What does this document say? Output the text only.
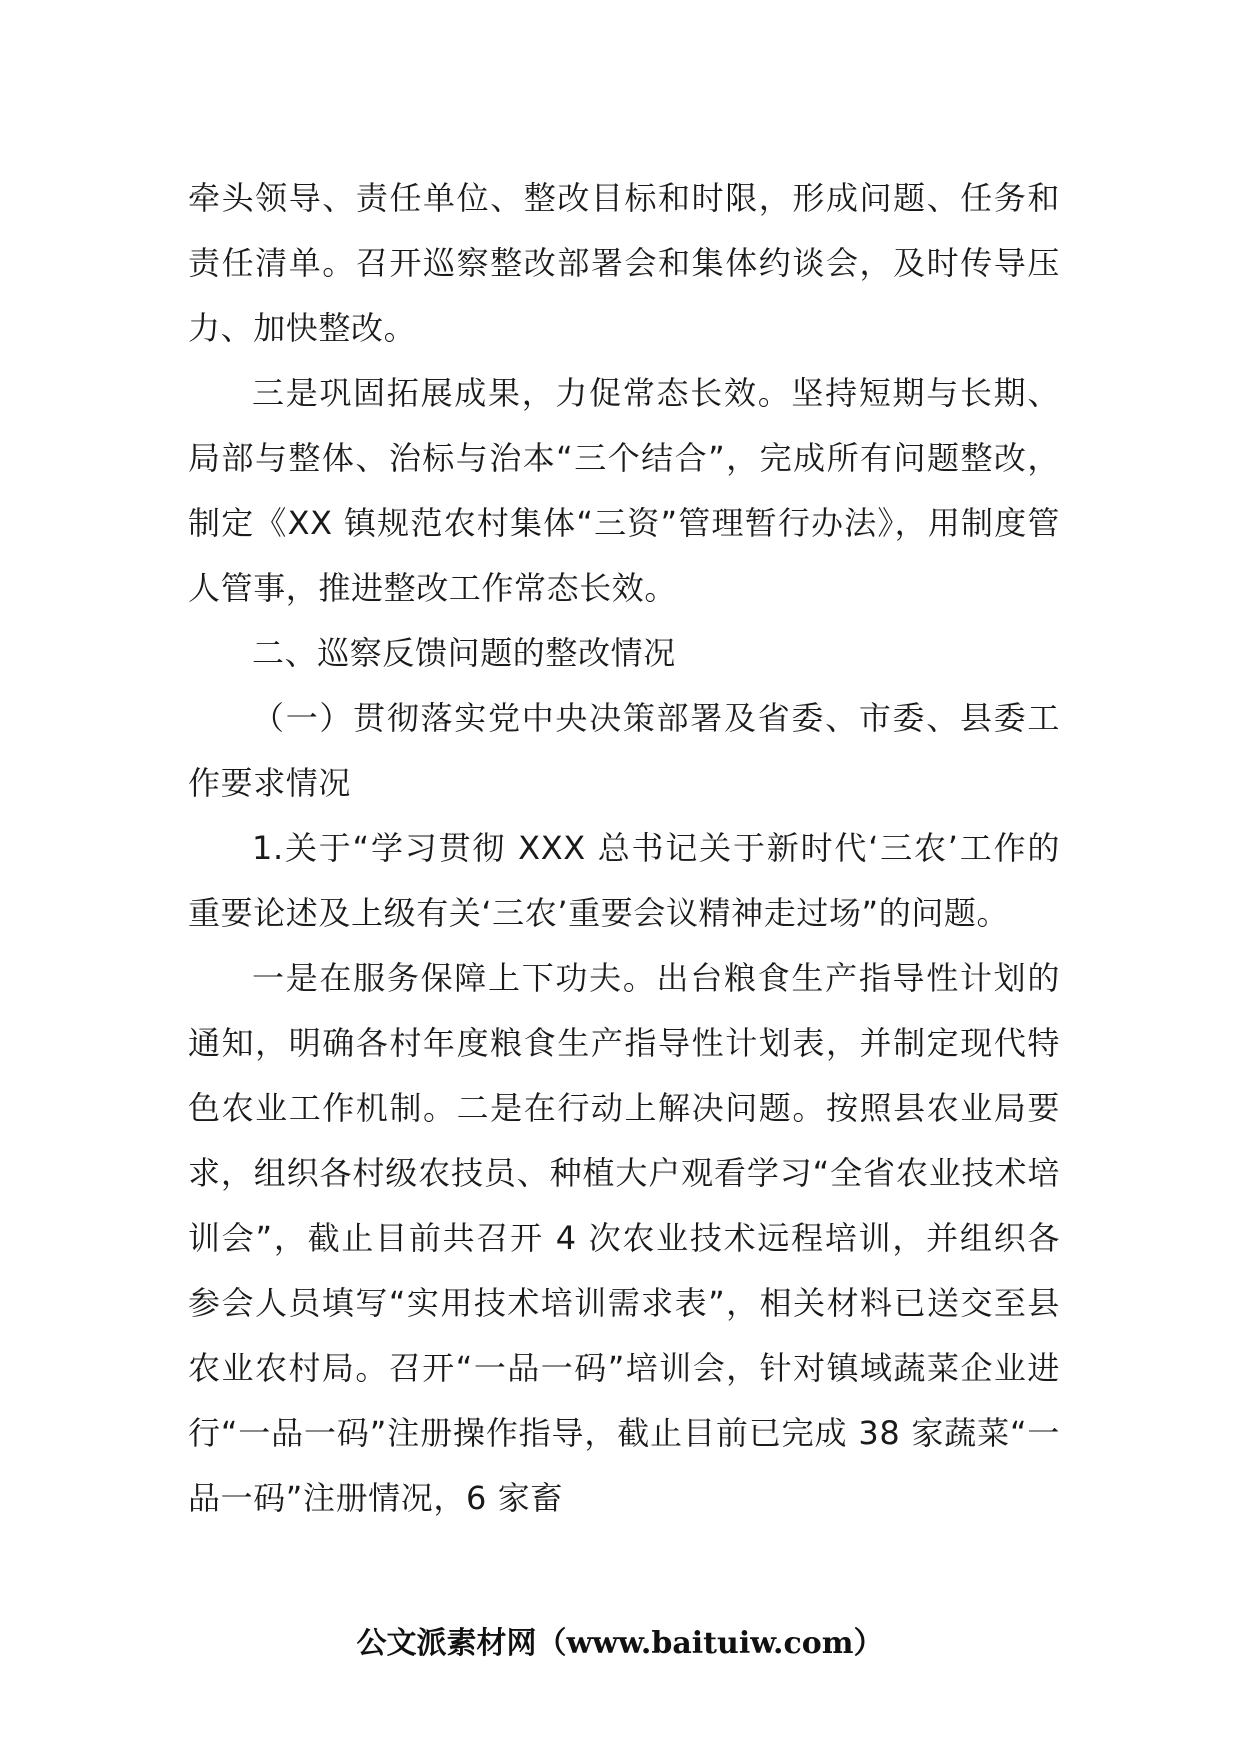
牵头领导、责任单位、整改目标和时限，形成问题、任务和责任清单。召开巡察整改部署会和集体约谈会，及时传导压力、加快整改。

三是巩固拓展成果，力促常态长效。坚持短期与长期、局部与整体、治标与治本“三个结合”，完成所有问题整改，制定《XX 镇规范农村集体“三资”管理暂行办法》，用制度管人管事，推进整改工作常态长效。

二、巡察反馈问题的整改情况

（一）贯彻落实党中央决策部署及省委、市委、县委工作要求情况

1.关于“学习贯彻 XXX 总书记关于新时代‘三农’工作的重要论述及上级有关‘三农’重要会议精神走过场”的问题。

一是在服务保障上下功夫。出台粮食生产指导性计划的通知，明确各村年度粮食生产指导性计划表，并制定现代特色农业工作机制。二是在行动上解决问题。按照县农业局要求，组织各村级农技员、种植大户观看学习“全省农业技术培训会”，截止目前共召开 4 次农业技术远程培训，并组织各参会人员填写“实用技术培训需求表”，相关材料已送交至县农业农村局。召开“一品一码”培训会，针对镇域蔬菜企业进行“一品一码”注册操作指导，截止目前已完成 38 家蔬菜“一品一码”注册情况，6 家畜

公文派素材网（www.baituiw.com）
